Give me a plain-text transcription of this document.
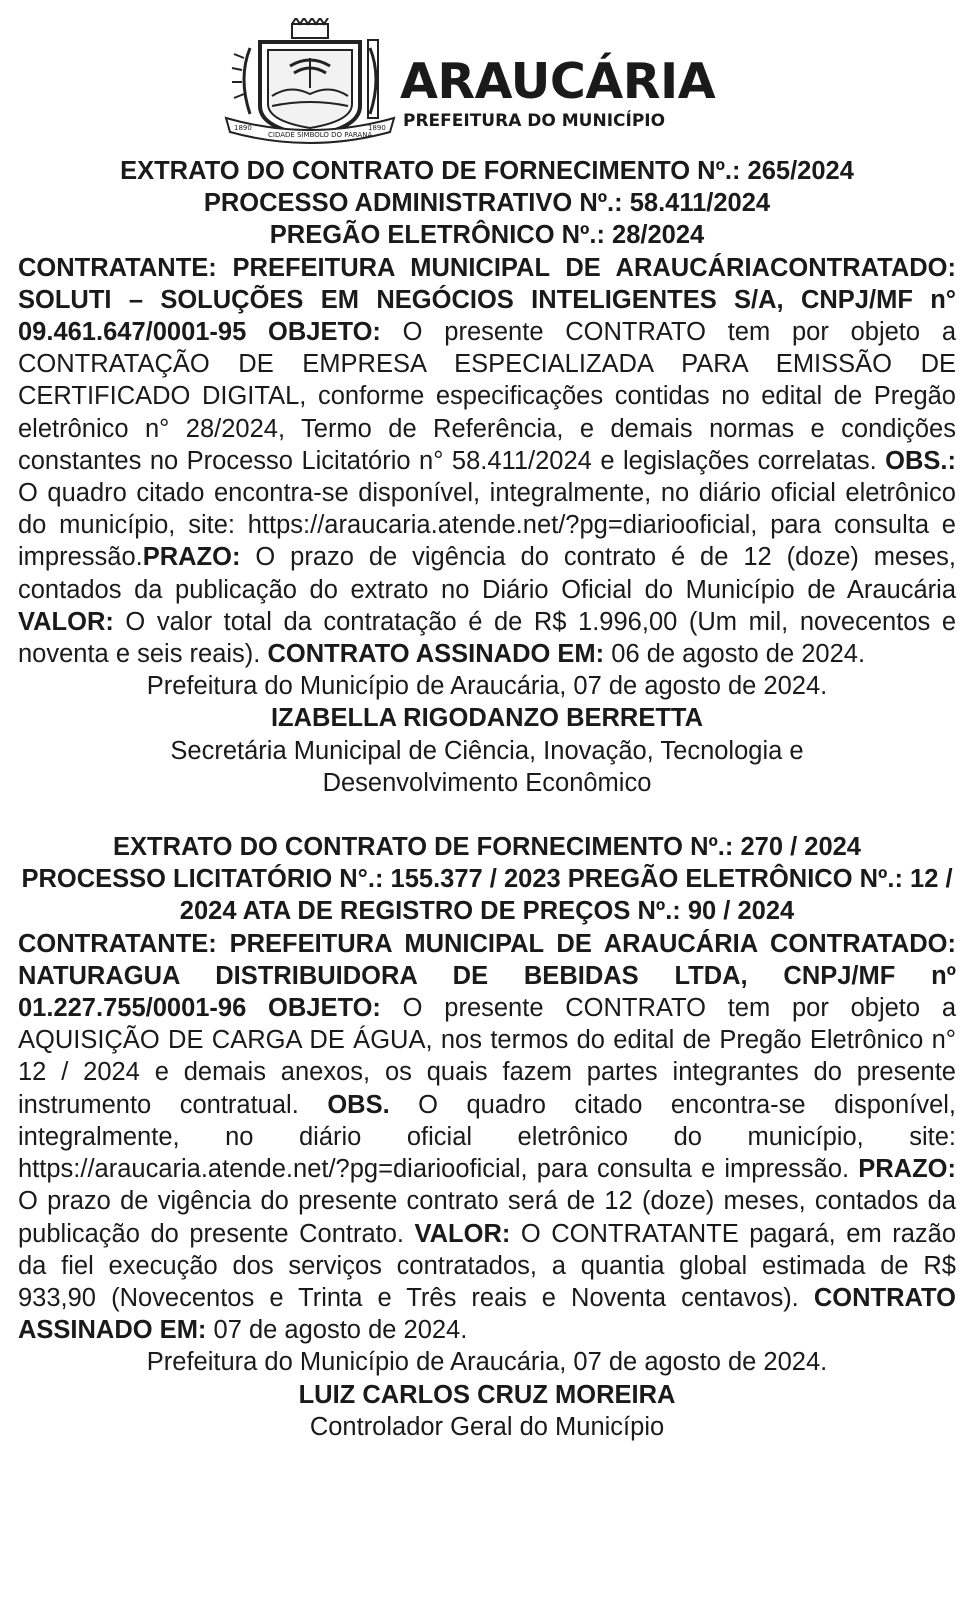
1890
CIDADE SÍMBOLO DO PARANÁ
1890
ARAUCÁRIA
PREFEITURA DO MUNICÍPIO
EXTRATO DO CONTRATO DE FORNECIMENTO Nº.: 265/2024
PROCESSO ADMINISTRATIVO Nº.: 58.411/2024
PREGÃO ELETRÔNICO Nº.: 28/2024
CONTRATANTE: PREFEITURA MUNICIPAL DE ARAUCÁRIACONTRATADO: SOLUTI – SOLUÇÕES EM NEGÓCIOS INTELIGENTES S/A, CNPJ/MF n° 09.461.647/0001-95 OBJETO: O presente CONTRATO tem por objeto a CONTRATAÇÃO DE EMPRESA ESPECIALIZADA PARA EMISSÃO DE CERTIFICADO DIGITAL, conforme especificações contidas no edital de Pregão eletrônico n° 28/2024, Termo de Referência, e demais normas e condições constantes no Processo Licitatório n° 58.411/2024 e legislações correlatas. OBS.: O quadro citado encontra-se disponível, integralmente, no diário oficial eletrônico do município, site: https://araucaria.atende.net/?pg=diariooficial, para consulta e impressão.PRAZO: O prazo de vigência do contrato é de 12 (doze) meses, contados da publicação do extrato no Diário Oficial do Município de Araucária VALOR: O valor total da contratação é de R$ 1.996,00 (Um mil, novecentos e noventa e seis reais). CONTRATO ASSINADO EM: 06 de agosto de 2024.
Prefeitura do Município de Araucária, 07 de agosto de 2024.
IZABELLA RIGODANZO BERRETTA
Secretária Municipal de Ciência, Inovação, Tecnologia e
Desenvolvimento Econômico
EXTRATO DO CONTRATO DE FORNECIMENTO Nº.: 270 / 2024
PROCESSO LICITATÓRIO N°.: 155.377 / 2023 PREGÃO ELETRÔNICO Nº.: 12 / 2024 ATA DE REGISTRO DE PREÇOS Nº.: 90 / 2024
CONTRATANTE: PREFEITURA MUNICIPAL DE ARAUCÁRIA CONTRATADO: NATURAGUA DISTRIBUIDORA DE BEBIDAS LTDA, CNPJ/MF nº 01.227.755/0001-96 OBJETO: O presente CONTRATO tem por objeto a AQUISIÇÃO DE CARGA DE ÁGUA, nos termos do edital de Pregão Eletrônico n° 12 / 2024 e demais anexos, os quais fazem partes integrantes do presente instrumento contratual. OBS. O quadro citado encontra-se disponível, integralmente, no diário oficial eletrônico do município, site: https://araucaria.atende.net/?pg=diariooficial, para consulta e impressão. PRAZO: O prazo de vigência do presente contrato será de 12 (doze) meses, contados da publicação do presente Contrato. VALOR: O CONTRATANTE pagará, em razão da fiel execução dos serviços contratados, a quantia global estimada de R$ 933,90 (Novecentos e Trinta e Três reais e Noventa centavos). CONTRATO ASSINADO EM: 07 de agosto de 2024.
Prefeitura do Município de Araucária, 07 de agosto de 2024.
LUIZ CARLOS CRUZ MOREIRA
Controlador Geral do Município
